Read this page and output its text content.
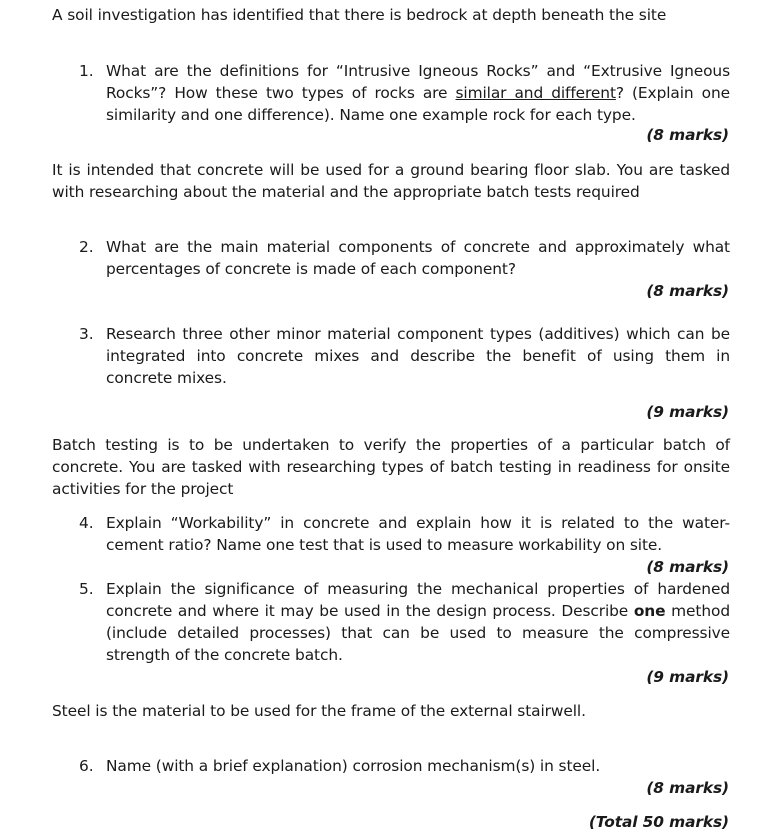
A soil investigation has identified that there is bedrock at depth beneath the site
1. What are the definitions for “Intrusive Igneous Rocks” and “Extrusive Igneous Rocks”? How these two types of rocks are similar and different? (Explain one similarity and one difference). Name one example rock for each type.
(8 marks)
It is intended that concrete will be used for a ground bearing floor slab. You are tasked with researching about the material and the appropriate batch tests required
2. What are the main material components of concrete and approximately what percentages of concrete is made of each component?
(8 marks)
3. Research three other minor material component types (additives) which can be integrated into concrete mixes and describe the benefit of using them in concrete mixes.
(9 marks)
Batch testing is to be undertaken to verify the properties of a particular batch of concrete. You are tasked with researching types of batch testing in readiness for onsite activities for the project
4. Explain “Workability” in concrete and explain how it is related to the water-cement ratio? Name one test that is used to measure workability on site.
(8 marks)
5. Explain the significance of measuring the mechanical properties of hardened concrete and where it may be used in the design process. Describe one method (include detailed processes) that can be used to measure the compressive strength of the concrete batch.
(9 marks)
Steel is the material to be used for the frame of the external stairwell.
6. Name (with a brief explanation) corrosion mechanism(s) in steel.
(8 marks)
(Total 50 marks)
